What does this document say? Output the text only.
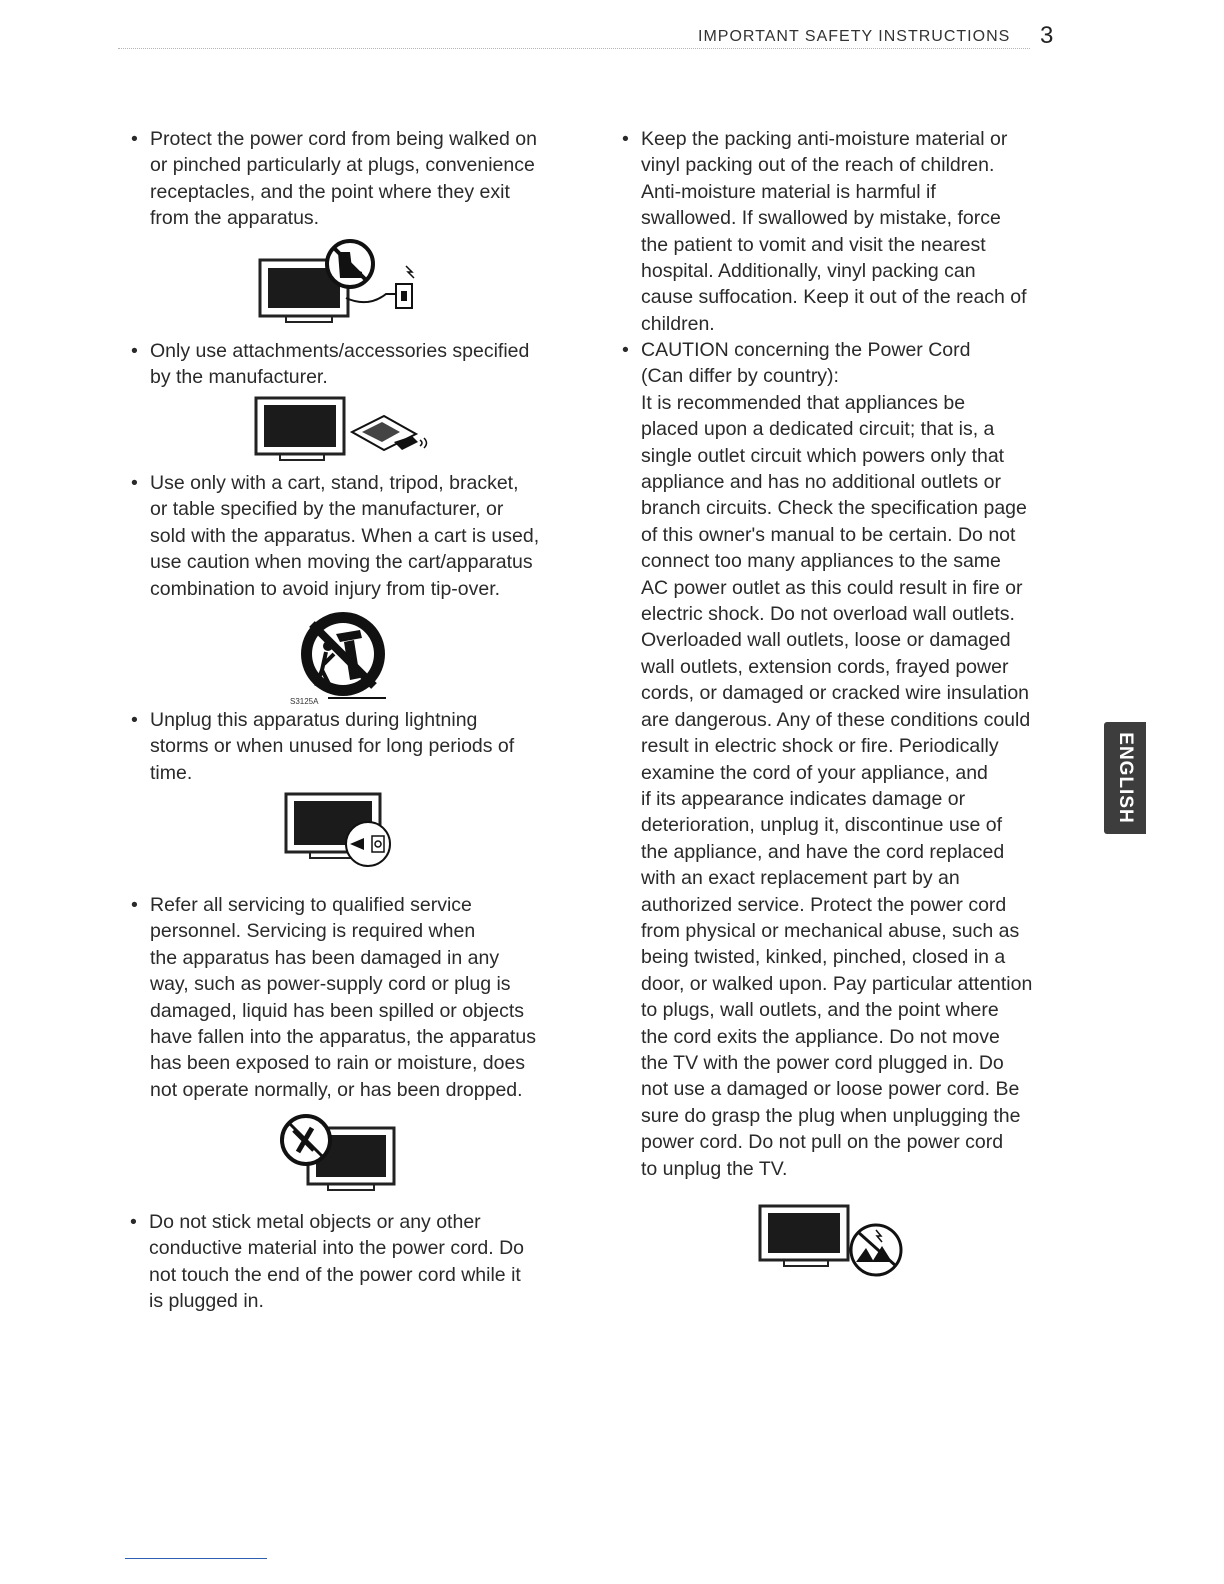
IMPORTANT SAFETY INSTRUCTIONS 3
ENGLISH
• Protect the power cord from being walked on
or pinched particularly at plugs, convenience
receptacles, and the point where they exit
from the apparatus.
• Only use attachments/accessories specified
by the manufacturer.
• Use only with a cart, stand, tripod, bracket,
or table specified by the manufacturer, or
sold with the apparatus. When a cart is used,
use caution when moving the cart/apparatus
combination to avoid injury from tip-over.
S3125A
• Unplug this apparatus during lightning
storms or when unused for long periods of
time.
• Refer all servicing to qualified service
personnel. Servicing is required when
the apparatus has been damaged in any
way, such as power-supply cord or plug is
damaged, liquid has been spilled or objects
have fallen into the apparatus, the apparatus
has been exposed to rain or moisture, does
not operate normally, or has been dropped.
• Do not stick metal objects or any other
conductive material into the power cord. Do
not touch the end of the power cord while it
is plugged in.
• Keep the packing anti-moisture material or
vinyl packing out of the reach of children.
Anti-moisture material is harmful if
swallowed. If swallowed by mistake, force
the patient to vomit and visit the nearest
hospital. Additionally, vinyl packing can
cause suffocation. Keep it out of the reach of
children.
• CAUTION concerning the Power Cord
(Can differ by country):
It is recommended that appliances be
placed upon a dedicated circuit; that is, a
single outlet circuit which powers only that
appliance and has no additional outlets or
branch circuits. Check the specification page
of this owner's manual to be certain. Do not
connect too many appliances to the same
AC power outlet as this could result in fire or
electric shock. Do not overload wall outlets.
Overloaded wall outlets, loose or damaged
wall outlets, extension cords, frayed power
cords, or damaged or cracked wire insulation
are dangerous. Any of these conditions could
result in electric shock or fire. Periodically
examine the cord of your appliance, and
if its appearance indicates damage or
deterioration, unplug it, discontinue use of
the appliance, and have the cord replaced
with an exact replacement part by an
authorized service. Protect the power cord
from physical or mechanical abuse, such as
being twisted, kinked, pinched, closed in a
door, or walked upon. Pay particular attention
to plugs, wall outlets, and the point where
the cord exits the appliance. Do not move
the TV with the power cord plugged in. Do
not use a damaged or loose power cord. Be
sure do grasp the plug when unplugging the
power cord. Do not pull on the power cord
to unplug the TV.
